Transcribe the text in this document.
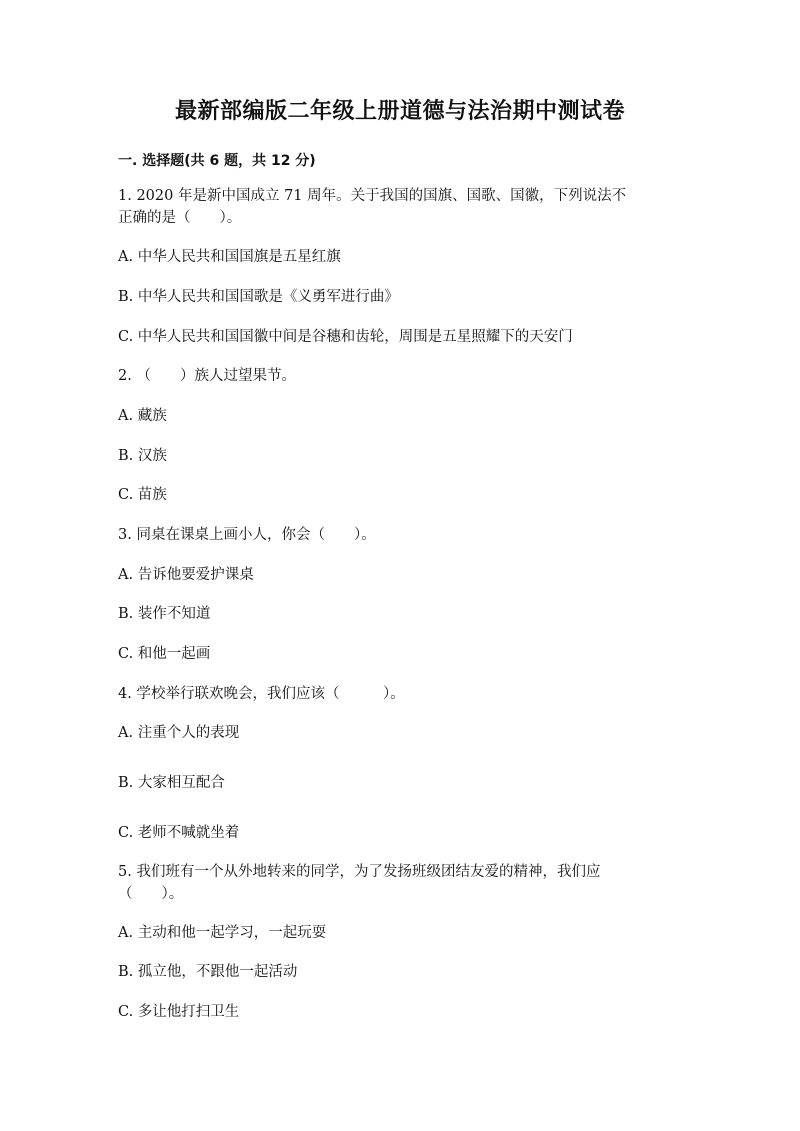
最新部编版二年级上册道德与法治期中测试卷
一. 选择题(共 6 题，共 12 分)
1. 2020 年是新中国成立 71 周年。关于我国的国旗、国歌、国徽，下列说法不
正确的是（　　）。
A. 中华人民共和国国旗是五星红旗
B. 中华人民共和国国歌是《义勇军进行曲》
C. 中华人民共和国国徽中间是谷穗和齿轮，周围是五星照耀下的天安门
2. （　　）族人过望果节。
A. 藏族
B. 汉族
C. 苗族
3. 同桌在课桌上画小人，你会（　　）。
A. 告诉他要爱护课桌
B. 装作不知道
C. 和他一起画
4. 学校举行联欢晚会，我们应该（　　　）。
A. 注重个人的表现
B. 大家相互配合
C. 老师不喊就坐着
5. 我们班有一个从外地转来的同学，为了发扬班级团结友爱的精神，我们应
（　　）。
A. 主动和他一起学习，一起玩耍
B. 孤立他，不跟他一起活动
C. 多让他打扫卫生
